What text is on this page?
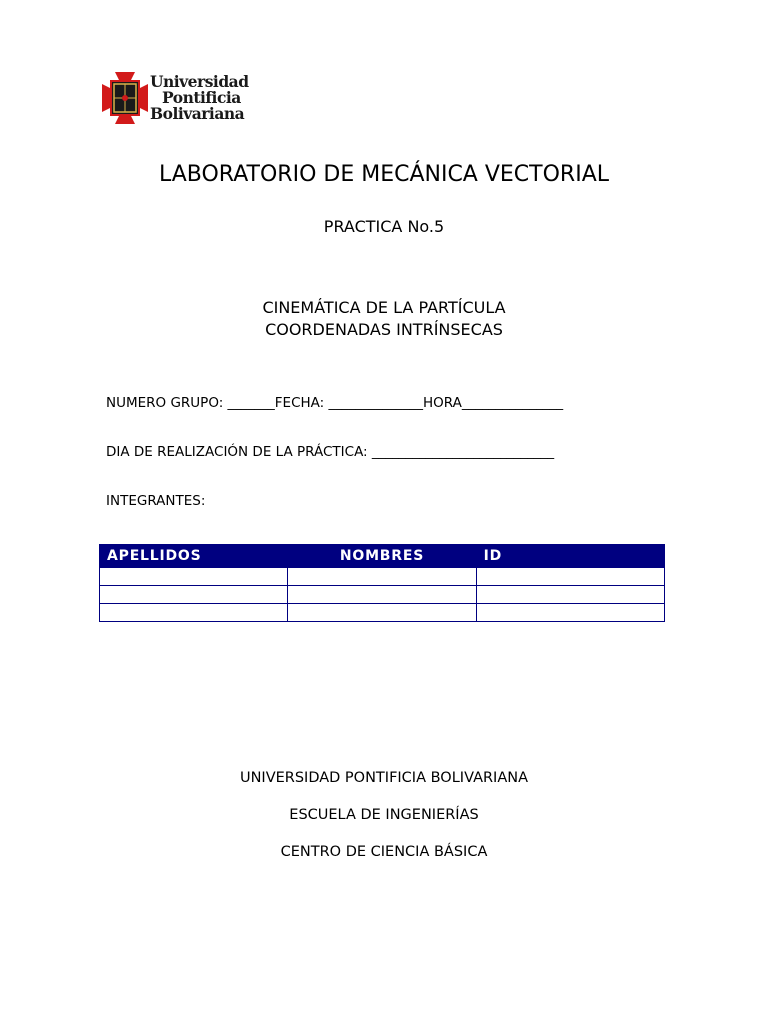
Universidad
Pontificia
Bolivariana
LABORATORIO DE MECÁNICA VECTORIAL
PRACTICA No.5
CINEMÁTICA DE LA PARTÍCULA
COORDENADAS INTRÍNSECAS
NUMERO GRUPO: _______FECHA: ______________HORA_______________
DIA DE REALIZACIÓN DE LA PRÁCTICA: ___________________________
INTEGRANTES:
APELLIDOS	NOMBRES	ID

UNIVERSIDAD PONTIFICIA BOLIVARIANA
ESCUELA DE INGENIERÍAS
CENTRO DE CIENCIA BÁSICA
